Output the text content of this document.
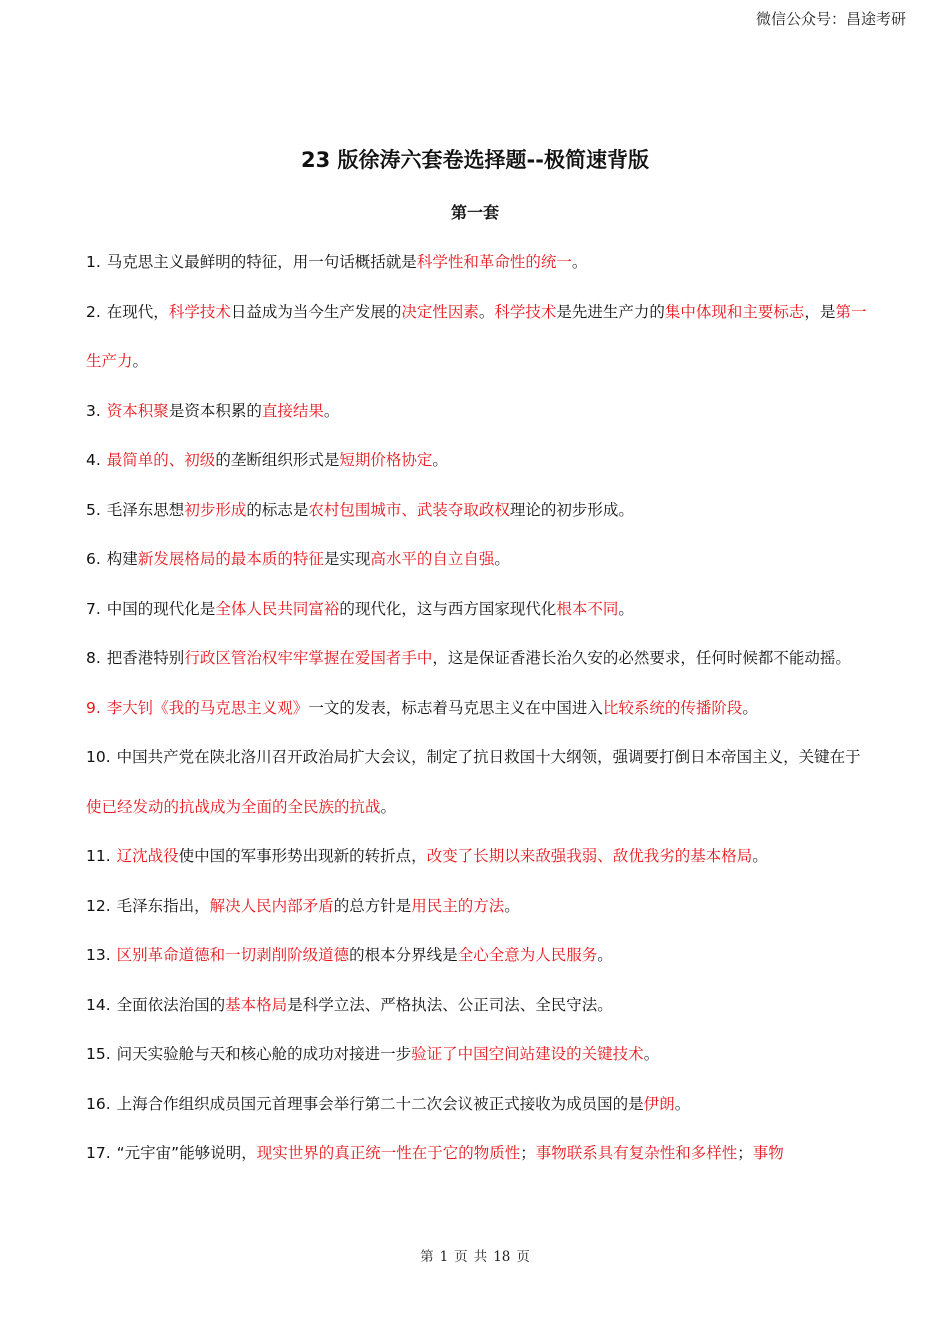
微信公众号：昌途考研
23 版徐涛六套卷选择题--极简速背版
第一套
1. 马克思主义最鲜明的特征，用一句话概括就是科学性和革命性的统一。
2. 在现代，科学技术日益成为当今生产发展的决定性因素。科学技术是先进生产力的集中体现和主要标志，是第一生产力。
3. 资本积聚是资本积累的直接结果。
4. 最简单的、初级的垄断组织形式是短期价格协定。
5. 毛泽东思想初步形成的标志是农村包围城市、武装夺取政权理论的初步形成。
6. 构建新发展格局的最本质的特征是实现高水平的自立自强。
7. 中国的现代化是全体人民共同富裕的现代化，这与西方国家现代化根本不同。
8. 把香港特别行政区管治权牢牢掌握在爱国者手中，这是保证香港长治久安的必然要求，任何时候都不能动摇。
9. 李大钊《我的马克思主义观》一文的发表，标志着马克思主义在中国进入比较系统的传播阶段。
10. 中国共产党在陕北洛川召开政治局扩大会议，制定了抗日救国十大纲领，强调要打倒日本帝国主义，关键在于使已经发动的抗战成为全面的全民族的抗战。
11. 辽沈战役使中国的军事形势出现新的转折点，改变了长期以来敌强我弱、敌优我劣的基本格局。
12. 毛泽东指出，解决人民内部矛盾的总方针是用民主的方法。
13. 区别革命道德和一切剥削阶级道德的根本分界线是全心全意为人民服务。
14. 全面依法治国的基本格局是科学立法、严格执法、公正司法、全民守法。
15. 问天实验舱与天和核心舱的成功对接进一步验证了中国空间站建设的关键技术。
16. 上海合作组织成员国元首理事会举行第二十二次会议被正式接收为成员国的是伊朗。
17. “元宇宙”能够说明，现实世界的真正统一性在于它的物质性；事物联系具有复杂性和多样性；事物
第 1 页 共 18 页
